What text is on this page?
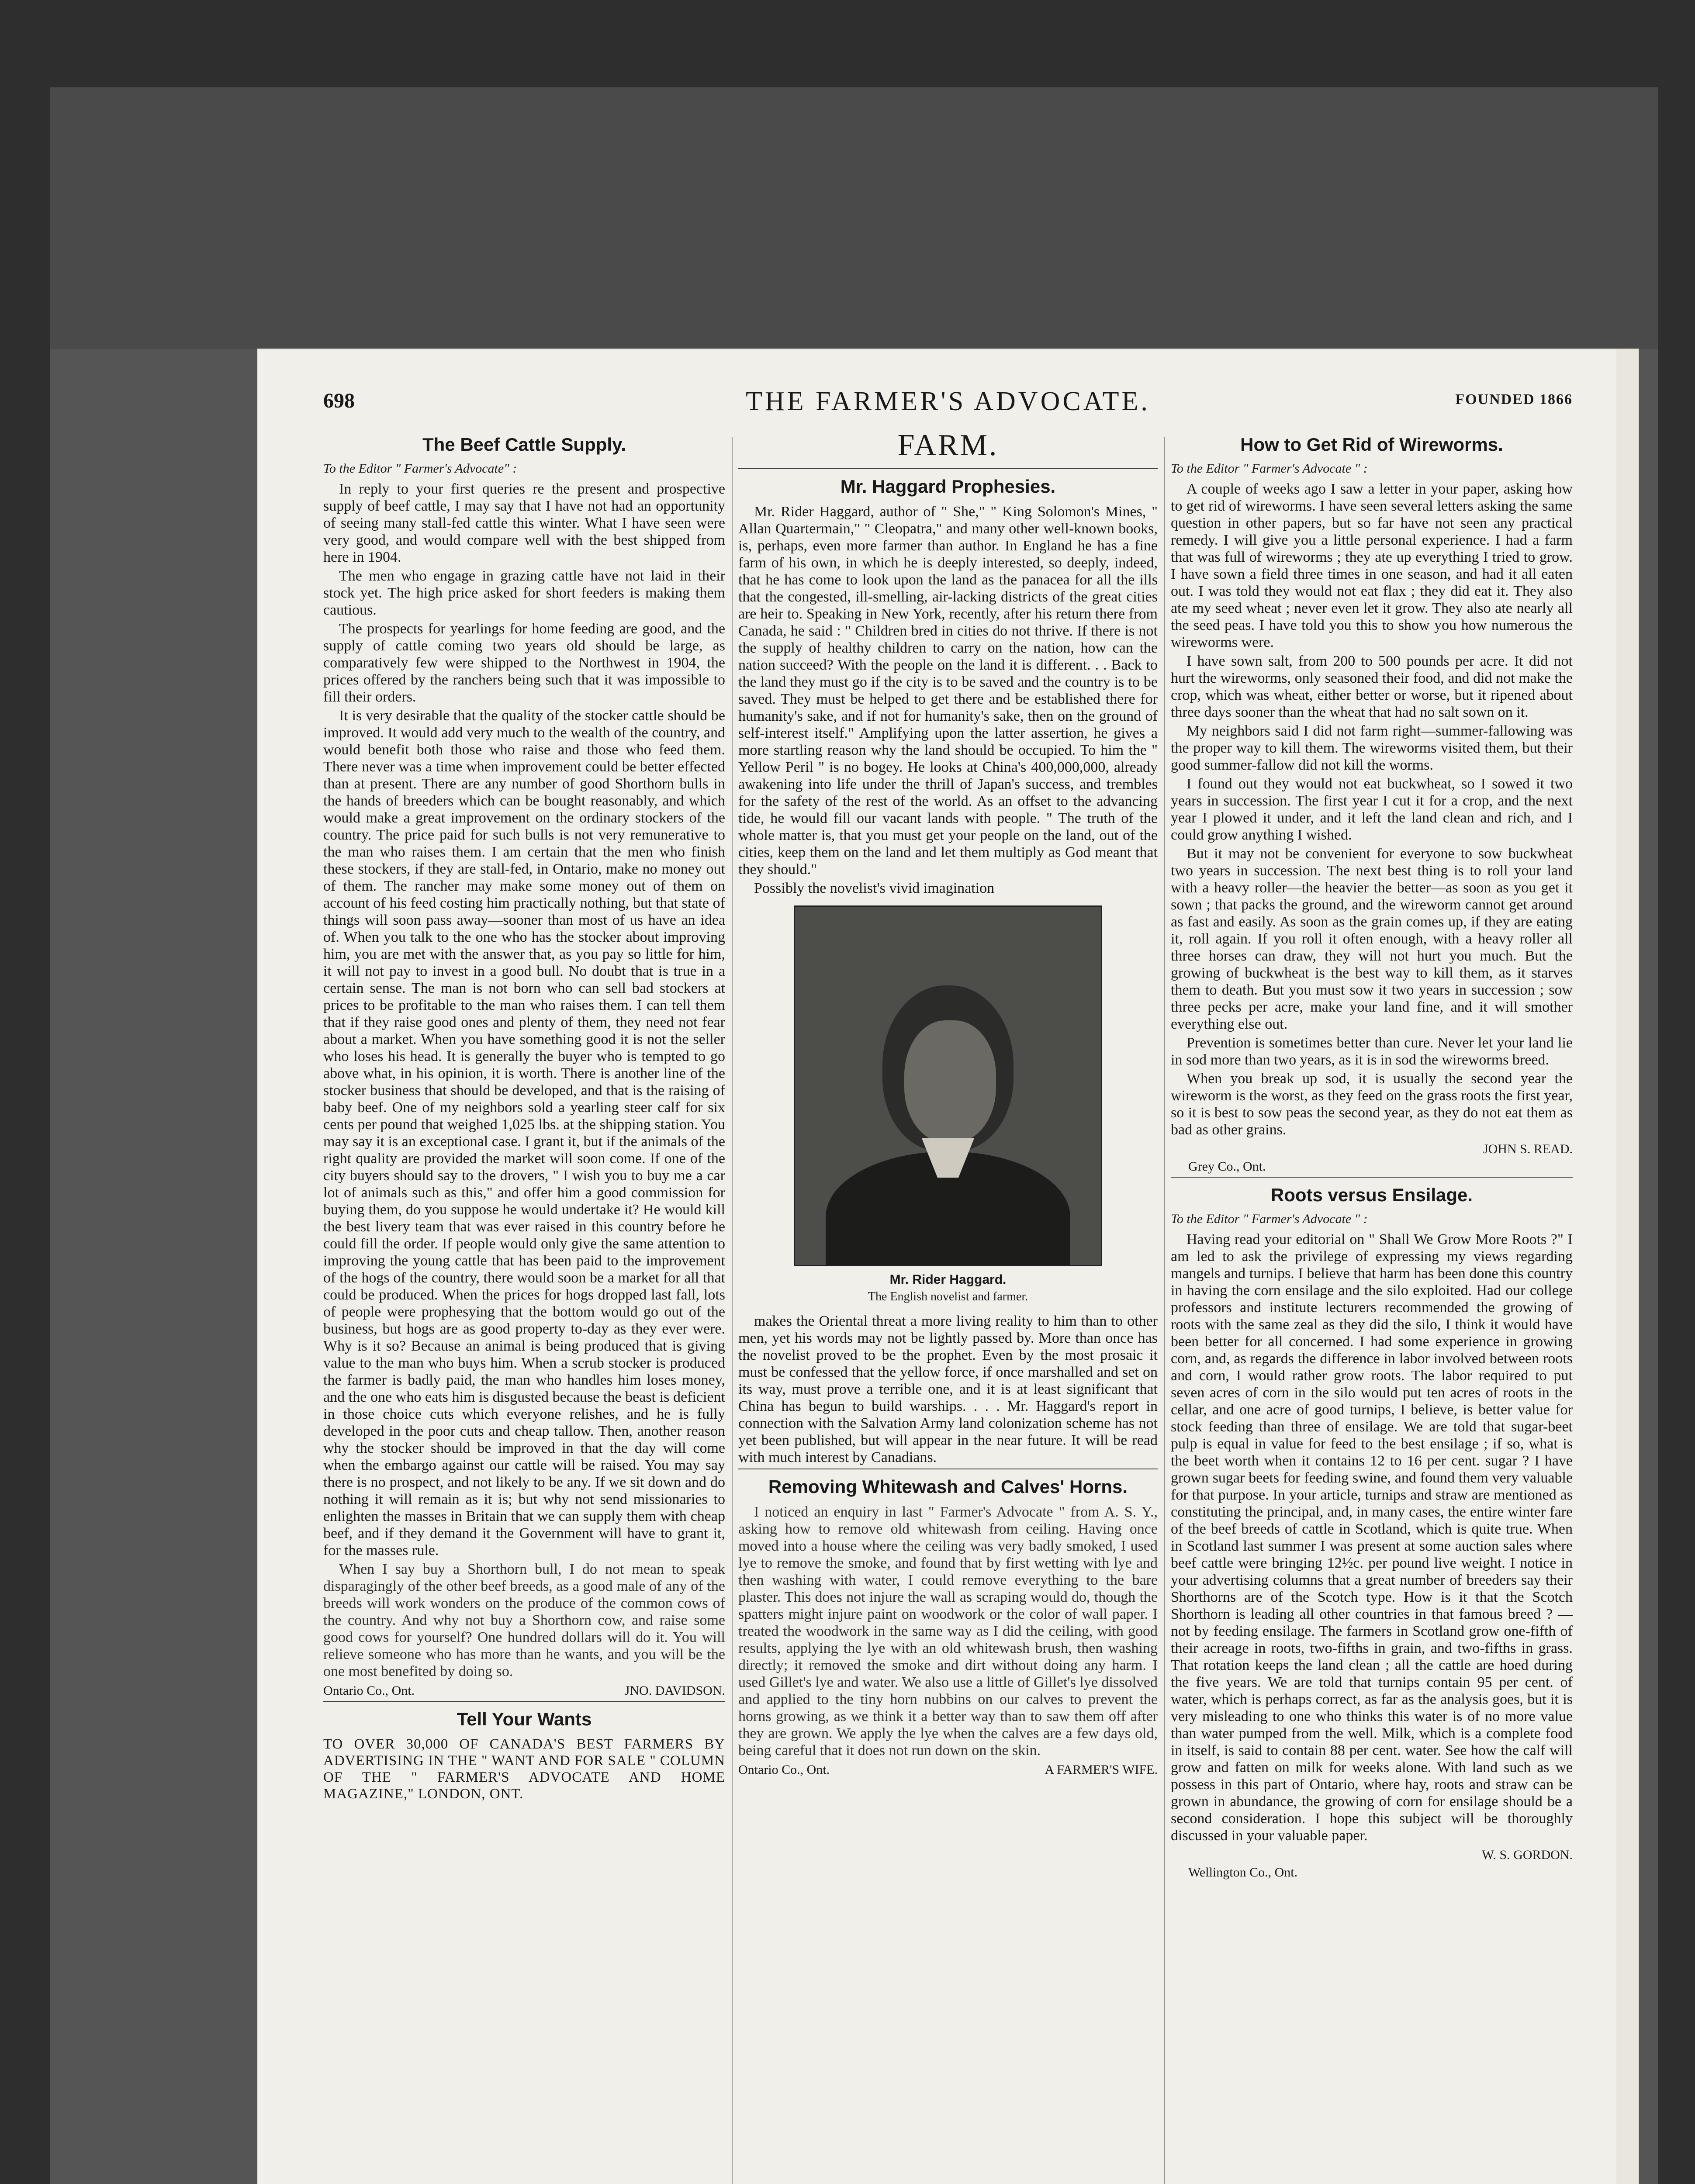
698	THE FARMER'S ADVOCATE.	FOUNDED 1866
The Beef Cattle Supply.
To the Editor " Farmer's Advocate" :

In reply to your first queries re the present and prospective supply of beef cattle, I may say that I have not had an opportunity of seeing many stall-fed cattle this winter. What I have seen were very good, and would compare well with the best shipped from here in 1904.

The men who engage in grazing cattle have not laid in their stock yet. The high price asked for short feeders is making them cautious.

The prospects for yearlings for home feeding are good, and the supply of cattle coming two years old should be large, as comparatively few were shipped to the Northwest in 1904, the prices offered by the ranchers being such that it was impossible to fill their orders.

It is very desirable that the quality of the stocker cattle should be improved. It would add very much to the wealth of the country, and would benefit both those who raise and those who feed them. There never was a time when improvement could be better effected than at present. There are any number of good Shorthorn bulls in the hands of breeders which can be bought reasonably, and which would make a great improvement on the ordinary stockers of the country. The price paid for such bulls is not very remunerative to the man who raises them. I am certain that the men who finish these stockers, if they are stall-fed, in Ontario, make no money out of them. The rancher may make some money out of them on account of his feed costing him practically nothing, but that state of things will soon pass away—sooner than most of us have an idea of. When you talk to the one who has the stocker about improving him, you are met with the answer that, as you pay so little for him, it will not pay to invest in a good bull. No doubt that is true in a certain sense. The man is not born who can sell bad stockers at prices to be profitable to the man who raises them. I can tell them that if they raise good ones and plenty of them, they need not fear about a market. When you have something good it is not the seller who loses his head. It is generally the buyer who is tempted to go above what, in his opinion, it is worth. There is another line of the stocker business that should be developed, and that is the raising of baby beef. One of my neighbors sold a yearling steer calf for six cents per pound that weighed 1,025 lbs. at the shipping station. You may say it is an exceptional case. I grant it, but if the animals of the right quality are provided the market will soon come. If one of the city buyers should say to the drovers, " I wish you to buy me a car lot of animals such as this," and offer him a good commission for buying them, do you suppose he would undertake it? He would kill the best livery team that was ever raised in this country before he could fill the order. If people would only give the same attention to improving the young cattle that has been paid to the improvement of the hogs of the country, there would soon be a market for all that could be produced. When the prices for hogs dropped last fall, lots of people were prophesying that the bottom would go out of the business, but hogs are as good property to-day as they ever were. Why is it so? Because an animal is being produced that is giving value to the man who buys him. When a scrub stocker is produced the farmer is badly paid, the man who handles him loses money, and the one who eats him is disgusted because the beast is deficient in those choice cuts which everyone relishes, and he is fully developed in the poor cuts and cheap tallow. Then, another reason why the stocker should be improved in that the day will come when the embargo against our cattle will be raised. You may say there is no prospect, and not likely to be any. If we sit down and do nothing it will remain as it is; but why not send missionaries to enlighten the masses in Britain that we can supply them with cheap beef, and if they demand it the Government will have to grant it, for the masses rule.

When I say buy a Shorthorn bull, I do not mean to speak disparagingly of the other beef breeds, as a good male of any of the breeds will work wonders on the produce of the common cows of the country. And why not buy a Shorthorn cow, and raise some good cows for yourself? One hundred dollars will do it. You will relieve someone who has more than he wants, and you will be the one most benefited by doing so.

Ontario Co., Ont.	JNO. DAVIDSON.
Tell Your Wants
TO OVER 30,000 OF CANADA'S BEST FARMERS BY ADVERTISING IN THE " WANT AND FOR SALE " COLUMN OF THE " FARMER'S ADVOCATE AND HOME MAGAZINE," LONDON, ONT.
FARM.
Mr. Haggard Prophesies.

Mr. Rider Haggard, author of " She," " King Solomon's Mines, " Allan Quartermain," " Cleopatra," and many other well-known books, is, perhaps, even more farmer than author. In England he has a fine farm of his own, in which he is deeply interested, so deeply, indeed, that he has come to look upon the land as the panacea for all the ills that the congested, ill-smelling, air-lacking districts of the great cities are heir to. Speaking in New York, recently, after his return there from Canada, he said : " Children bred in cities do not thrive. If there is not the supply of healthy children to carry on the nation, how can the nation succeed? With the people on the land it is different. . . Back to the land they must go if the city is to be saved and the country is to be saved. They must be helped to get there and be established there for humanity's sake, and if not for humanity's sake, then on the ground of self-interest itself." Amplifying upon the latter assertion, he gives a more startling reason why the land should be occupied. To him the " Yellow Peril " is no bogey. He looks at China's 400,000,000, already awakening into life under the thrill of Japan's success, and trembles for the safety of the rest of the world. As an offset to the advancing tide, he would fill our vacant lands with people. " The truth of the whole matter is, that you must get your people on the land, out of the cities, keep them on the land and let them multiply as God meant that they should."

Possibly the novelist's vivid imagination

Mr. Rider Haggard.
The English novelist and farmer.

makes the Oriental threat a more living reality to him than to other men, yet his words may not be lightly passed by. More than once has the novelist proved to be the prophet. Even by the most prosaic it must be confessed that the yellow force, if once marshalled and set on its way, must prove a terrible one, and it is at least significant that China has begun to build warships. . . . Mr. Haggard's report in connection with the Salvation Army land colonization scheme has not yet been published, but will appear in the near future. It will be read with much interest by Canadians.

Removing Whitewash and Calves' Horns.

I noticed an enquiry in last " Farmer's Advocate " from A. S. Y., asking how to remove old whitewash from ceiling. Having once moved into a house where the ceiling was very badly smoked, I used lye to remove the smoke, and found that by first wetting with lye and then washing with water, I could remove everything to the bare plaster. This does not injure the wall as scraping would do, though the spatters might injure paint on woodwork or the color of wall paper. I treated the woodwork in the same way as I did the ceiling, with good results, applying the lye with an old whitewash brush, then washing directly; it removed the smoke and dirt without doing any harm. I used Gillet's lye and water. We also use a little of Gillet's lye dissolved and applied to the tiny horn nubbins on our calves to prevent the horns growing, as we think it a better way than to saw them off after they are grown. We apply the lye when the calves are a few days old, being careful that it does not run down on the skin.

Ontario Co., Ont.	A FARMER'S WIFE.
How to Get Rid of Wireworms.
To the Editor " Farmer's Advocate " :

A couple of weeks ago I saw a letter in your paper, asking how to get rid of wireworms. I have seen several letters asking the same question in other papers, but so far have not seen any practical remedy. I will give you a little personal experience. I had a farm that was full of wireworms ; they ate up everything I tried to grow. I have sown a field three times in one season, and had it all eaten out. I was told they would not eat flax ; they did eat it. They also ate my seed wheat ; never even let it grow. They also ate nearly all the seed peas. I have told you this to show you how numerous the wireworms were.

I have sown salt, from 200 to 500 pounds per acre. It did not hurt the wireworms, only seasoned their food, and did not make the crop, which was wheat, either better or worse, but it ripened about three days sooner than the wheat that had no salt sown on it.

My neighbors said I did not farm right—summer-fallowing was the proper way to kill them. The wireworms visited them, but their good summer-fallow did not kill the worms.

I found out they would not eat buckwheat, so I sowed it two years in succession. The first year I cut it for a crop, and the next year I plowed it under, and it left the land clean and rich, and I could grow anything I wished.

But it may not be convenient for everyone to sow buckwheat two years in succession. The next best thing is to roll your land with a heavy roller—the heavier the better—as soon as you get it sown ; that packs the ground, and the wireworm cannot get around as fast and easily. As soon as the grain comes up, if they are eating it, roll again. If you roll it often enough, with a heavy roller all three horses can draw, they will not hurt you much. But the growing of buckwheat is the best way to kill them, as it starves them to death. But you must sow it two years in succession ; sow three pecks per acre, make your land fine, and it will smother everything else out.

Prevention is sometimes better than cure. Never let your land lie in sod more than two years, as it is in sod the wireworms breed.

When you break up sod, it is usually the second year the wireworm is the worst, as they feed on the grass roots the first year, so it is best to sow peas the second year, as they do not eat them as bad as other grains.

JOHN S. READ.
Grey Co., Ont.
Roots versus Ensilage.
To the Editor " Farmer's Advocate " :

Having read your editorial on " Shall We Grow More Roots ?" I am led to ask the privilege of expressing my views regarding mangels and turnips. I believe that harm has been done this country in having the corn ensilage and the silo exploited. Had our college professors and institute lecturers recommended the growing of roots with the same zeal as they did the silo, I think it would have been better for all concerned. I had some experience in growing corn, and, as regards the difference in labor involved between roots and corn, I would rather grow roots. The labor required to put seven acres of corn in the silo would put ten acres of roots in the cellar, and one acre of good turnips, I believe, is better value for stock feeding than three of ensilage. We are told that sugar-beet pulp is equal in value for feed to the best ensilage ; if so, what is the beet worth when it contains 12 to 16 per cent. sugar ? I have grown sugar beets for feeding swine, and found them very valuable for that purpose. In your article, turnips and straw are mentioned as constituting the principal, and, in many cases, the entire winter fare of the beef breeds of cattle in Scotland, which is quite true. When in Scotland last summer I was present at some auction sales where beef cattle were bringing 12½c. per pound live weight. I notice in your advertising columns that a great number of breeders say their Shorthorns are of the Scotch type. How is it that the Scotch Shorthorn is leading all other countries in that famous breed ? —not by feeding ensilage. The farmers in Scotland grow one-fifth of their acreage in roots, two-fifths in grain, and two-fifths in grass. That rotation keeps the land clean ; all the cattle are hoed during the five years. We are told that turnips contain 95 per cent. of water, which is perhaps correct, as far as the analysis goes, but it is very misleading to one who thinks this water is of no more value than water pumped from the well. Milk, which is a complete food in itself, is said to contain 88 per cent. water. See how the calf will grow and fatten on milk for weeks alone. With land such as we possess in this part of Ontario, where hay, roots and straw can be grown in abundance, the growing of corn for ensilage should be a second consideration. I hope this subject will be thoroughly discussed in your valuable paper.

W. S. GORDON.
Wellington Co., Ont.
